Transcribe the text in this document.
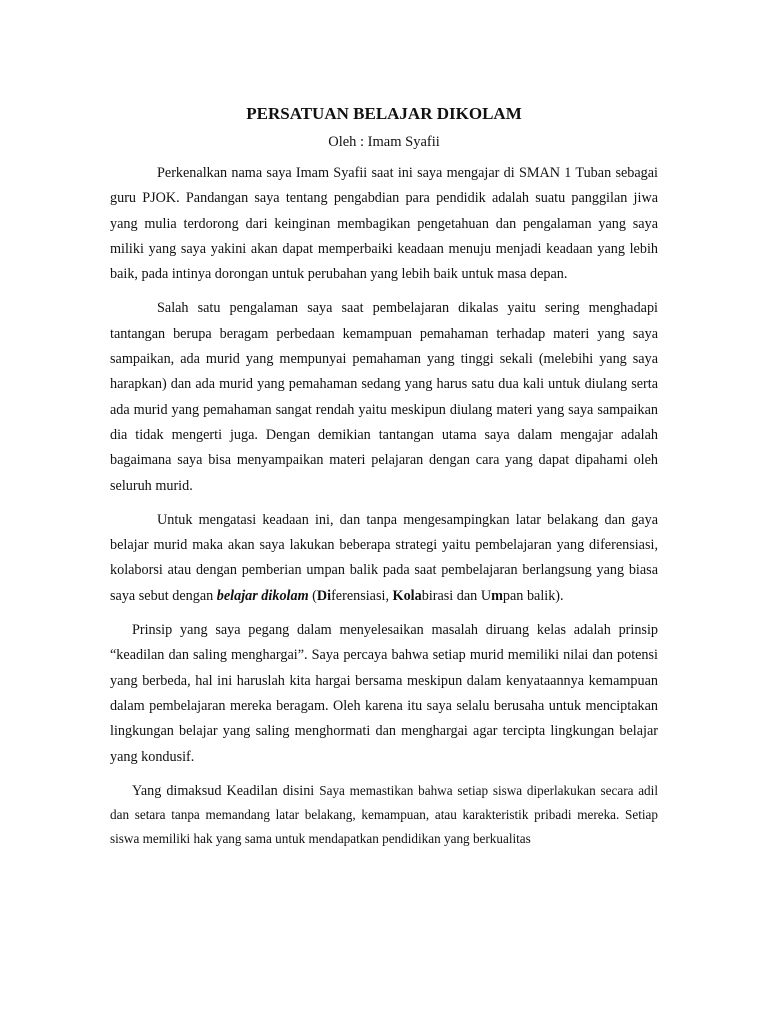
PERSATUAN BELAJAR DIKOLAM

Oleh : Imam Syafii

Perkenalkan nama saya Imam Syafii saat ini saya mengajar di SMAN 1 Tuban sebagai guru PJOK. Pandangan saya tentang pengabdian para pendidik adalah suatu panggilan jiwa yang mulia terdorong dari keinginan membagikan pengetahuan dan pengalaman yang saya miliki yang saya yakini akan dapat memperbaiki keadaan menuju menjadi keadaan yang lebih baik, pada intinya dorongan untuk perubahan yang lebih baik untuk masa depan.

Salah satu pengalaman saya saat pembelajaran dikalas yaitu sering menghadapi tantangan berupa beragam perbedaan kemampuan pemahaman terhadap materi yang saya sampaikan, ada murid yang mempunyai pemahaman yang tinggi sekali (melebihi yang saya harapkan) dan ada murid yang pemahaman sedang yang harus satu dua kali untuk diulang serta ada murid yang pemahaman sangat rendah yaitu meskipun diulang materi yang saya sampaikan dia tidak mengerti juga. Dengan demikian tantangan utama saya dalam mengajar adalah bagaimana saya bisa menyampaikan materi pelajaran dengan cara yang dapat dipahami oleh seluruh murid.

Untuk mengatasi keadaan ini, dan tanpa mengesampingkan latar belakang dan gaya belajar murid maka akan saya lakukan beberapa strategi yaitu pembelajaran yang diferensiasi, kolaborsi atau dengan pemberian umpan balik pada saat pembelajaran berlangsung yang biasa saya sebut dengan belajar dikolam (Diferensiasi, Kolabirasi dan Umpan balik).

Prinsip yang saya pegang dalam menyelesaikan masalah diruang kelas adalah prinsip “keadilan dan saling menghargai”. Saya percaya bahwa setiap murid memiliki nilai dan potensi yang berbeda, hal ini haruslah kita hargai bersama meskipun dalam kenyataannya kemampuan dalam pembelajaran mereka beragam. Oleh karena itu saya selalu berusaha untuk menciptakan lingkungan belajar yang saling menghormati dan menghargai agar tercipta lingkungan belajar yang kondusif.

Yang dimaksud Keadilan disini Saya memastikan bahwa setiap siswa diperlakukan secara adil dan setara tanpa memandang latar belakang, kemampuan, atau karakteristik pribadi mereka. Setiap siswa memiliki hak yang sama untuk mendapatkan pendidikan yang berkualitas
